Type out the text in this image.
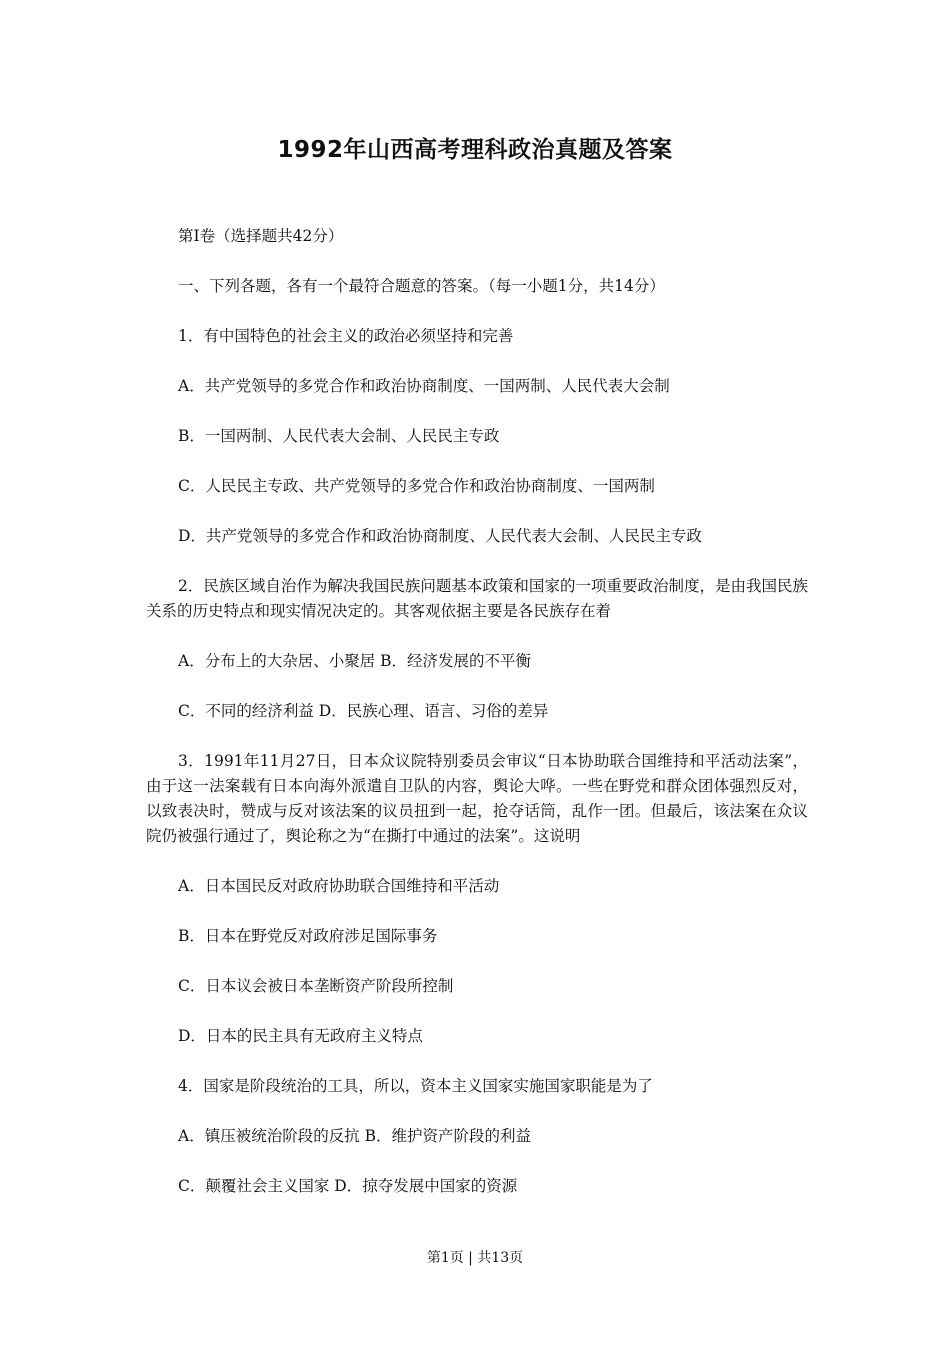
1992年山西高考理科政治真题及答案
第Ⅰ卷（选择题共42分）
一、下列各题，各有一个最符合题意的答案。（每一小题1分，共14分）
1．有中国特色的社会主义的政治必须坚持和完善
A．共产党领导的多党合作和政治协商制度、一国两制、人民代表大会制
B．一国两制、人民代表大会制、人民民主专政
C．人民民主专政、共产党领导的多党合作和政治协商制度、一国两制
D．共产党领导的多党合作和政治协商制度、人民代表大会制、人民民主专政
2．民族区域自治作为解决我国民族问题基本政策和国家的一项重要政治制度，是由我国民族关系的历史特点和现实情况决定的。其客观依据主要是各民族存在着
A．分布上的大杂居、小聚居 B．经济发展的不平衡
C．不同的经济利益 D．民族心理、语言、习俗的差异
3．1991年11月27日，日本众议院特别委员会审议“日本协助联合国维持和平活动法案”，由于这一法案载有日本向海外派遣自卫队的内容，舆论大哗。一些在野党和群众团体强烈反对，以致表决时，赞成与反对该法案的议员扭到一起，抢夺话筒，乱作一团。但最后，该法案在众议院仍被强行通过了，舆论称之为“在撕打中通过的法案”。这说明
A．日本国民反对政府协助联合国维持和平活动
B．日本在野党反对政府涉足国际事务
C．日本议会被日本垄断资产阶段所控制
D．日本的民主具有无政府主义特点
4．国家是阶段统治的工具，所以，资本主义国家实施国家职能是为了
A．镇压被统治阶段的反抗 B．维护资产阶段的利益
C．颠覆社会主义国家 D．掠夺发展中国家的资源
第1页 | 共13页
